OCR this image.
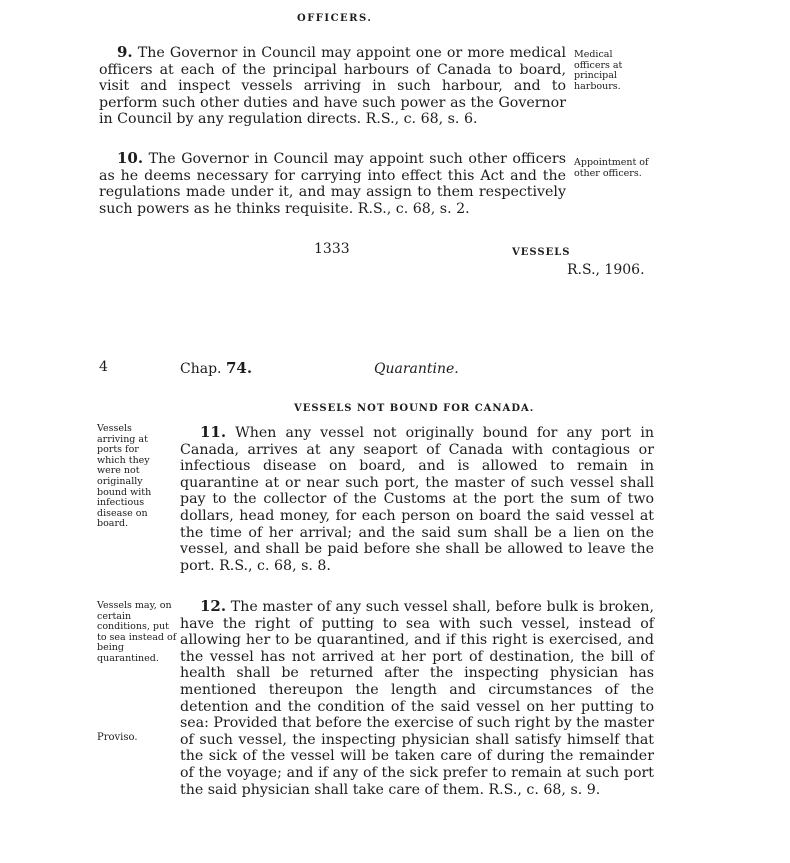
OFFICERS.
9. The Governor in Council may appoint one or more medical officers at each of the principal harbours of Canada to board, visit and inspect vessels arriving in such harbour, and to perform such other duties and have such power as the Governor in Council by any regulation directs. R.S., c. 68, s. 6.
Medical officers at principal harbours.
10. The Governor in Council may appoint such other officers as he deems necessary for carrying into effect this Act and the regulations made under it, and may assign to them respectively such powers as he thinks requisite. R.S., c. 68, s. 2.
Appointment of other officers.
1333	VESSELS
R.S., 1906.
4	Chap. 74.	Quarantine.
VESSELS NOT BOUND FOR CANADA.
Vessels arriving at ports for which they were not originally bound with infectious disease on board.
11. When any vessel not originally bound for any port in Canada, arrives at any seaport of Canada with contagious or infectious disease on board, and is allowed to remain in quarantine at or near such port, the master of such vessel shall pay to the collector of the Customs at the port the sum of two dollars, head money, for each person on board the said vessel at the time of her arrival; and the said sum shall be a lien on the vessel, and shall be paid before she shall be allowed to leave the port. R.S., c. 68, s. 8.
Vessels may, on certain conditions, put to sea instead of being quarantined.
12. The master of any such vessel shall, before bulk is broken, have the right of putting to sea with such vessel, instead of allowing her to be quarantined, and if this right is exercised, and the vessel has not arrived at her port of destination, the bill of health shall be returned after the inspecting physician has mentioned thereupon the length and circumstances of the detention and the condition of the said vessel on her putting to sea: Provided that before the exercise of such right by the master of such vessel, the inspecting physician shall satisfy himself that the sick of the vessel will be taken care of during the remainder of the voyage; and if any of the sick prefer to remain at such port the said physician shall take care of them. R.S., c. 68, s. 9.
Proviso.
